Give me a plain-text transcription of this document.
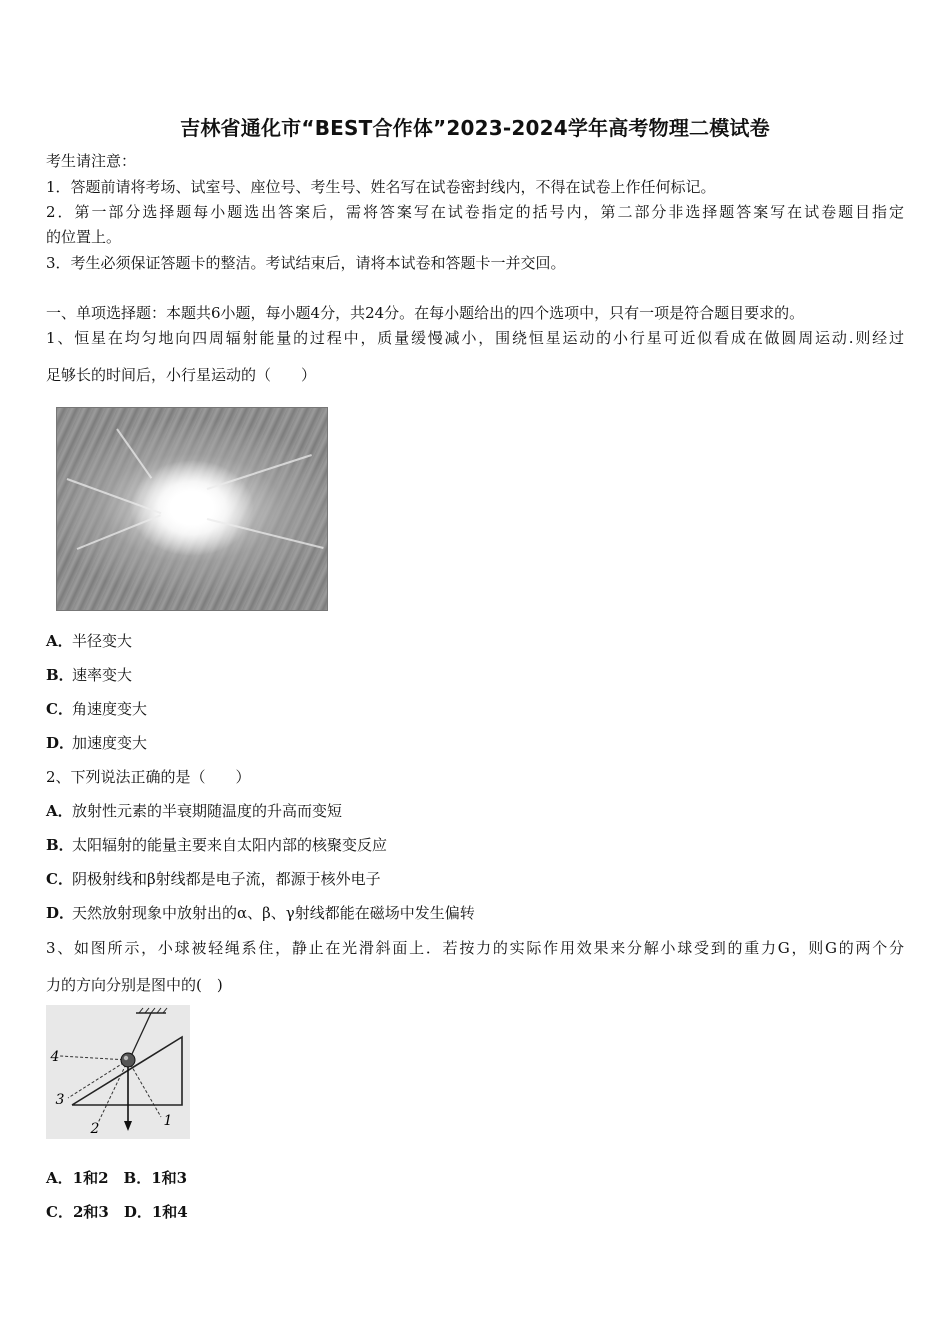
吉林省通化市“BEST合作体”2023-2024学年高考物理二模试卷
考生请注意：
1．答题前请将考场、试室号、座位号、考生号、姓名写在试卷密封线内，不得在试卷上作任何标记。
2．第一部分选择题每小题选出答案后，需将答案写在试卷指定的括号内，第二部分非选择题答案写在试卷题目指定
的位置上。
3．考生必须保证答题卡的整洁。考试结束后，请将本试卷和答题卡一并交回。
一、单项选择题：本题共6小题，每小题4分，共24分。在每小题给出的四个选项中，只有一项是符合题目要求的。
1、恒星在均匀地向四周辐射能量的过程中，质量缓慢减小，围绕恒星运动的小行星可近似看成在做圆周运动.则经过
足够长的时间后，小行星运动的（　　）
A．半径变大
B．速率变大
C．角速度变大
D．加速度变大
2、下列说法正确的是（　　）
A．放射性元素的半衰期随温度的升高而变短
B．太阳辐射的能量主要来自太阳内部的核聚变反应
C．阴极射线和β射线都是电子流，都源于核外电子
D．天然放射现象中放射出的α、β、γ射线都能在磁场中发生偏转
3、如图所示，小球被轻绳系住，静止在光滑斜面上．若按力的实际作用效果来分解小球受到的重力G，则G的两个分
力的方向分别是图中的(　)
4
3
2	1
A．1和2　B．1和3
C．2和3　D．1和4
